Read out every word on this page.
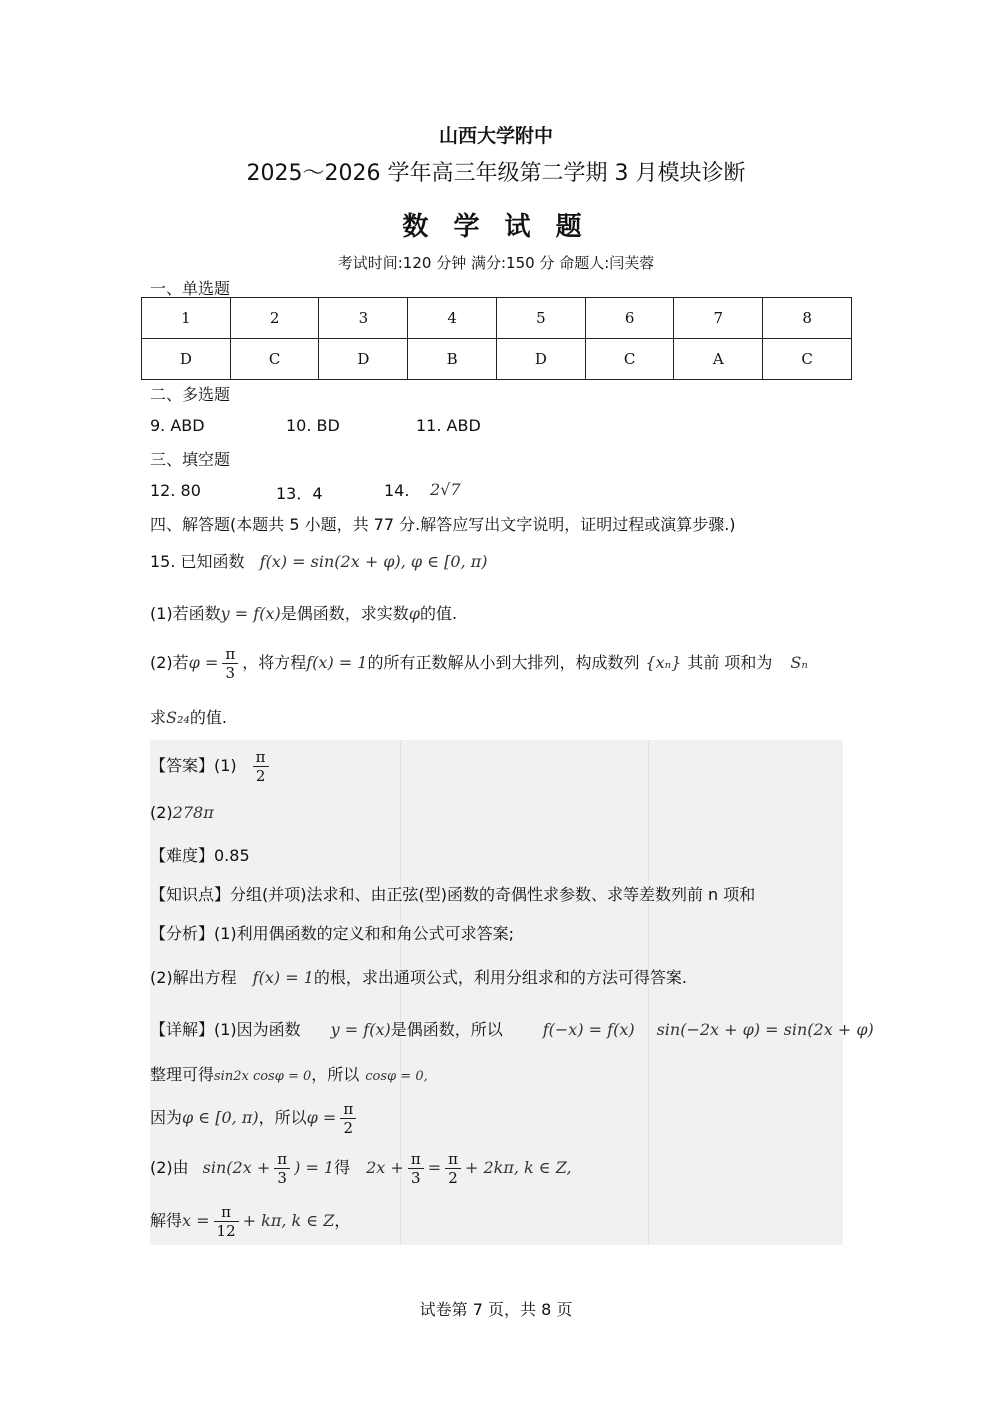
山西大学附中
2025～2026 学年高三年级第二学期 3 月模块诊断
数 学 试 题
考试时间:120 分钟 满分:150 分 命题人:闫芙蓉
一、单选题
1	2	3	4	5	6	7	8
D	C	D	B	D	C	A	C
二、多选题
9. ABD	10. BD	11. ABD
三、填空题
12. 80	13．4	14. 2√7
四、解答题(本题共 5 小题，共 77 分.解答应写出文字说明，证明过程或演算步骤.)
15. 已知函数 f(x) = sin(2x + φ), φ ∈ [0, π)
(1)若函数y = f(x)是偶函数，求实数φ的值.
(2)若$\varphi = \frac{\pi}{3}$ ，将方程f(x) = 1的所有正数解从小到大排列，构成数列 {xₙ} 其前 项和为 Sₙ
求S₂₄的值.
【答案】$(1) \frac{\pi}{2}$
(2)278π
【难度】0.85
【知识点】分组(并项)法求和、由正弦(型)函数的奇偶性求参数、求等差数列前 n 项和
【分析】(1)利用偶函数的定义和和角公式可求答案;
(2)解出方程 f(x) = 1的根，求出通项公式，利用分组求和的方法可得答案.
【详解】(1)因为函数 y = f(x)是偶函数，所以	f(−x) = f(x) sin(−2x + φ) = sin(2x + φ)
整理可得sin2x cosφ = 0，所以 cosφ = 0,
因为φ ∈ [0, π)，所以$\varphi = \frac{\pi}{2}$
(2)由 $\sin(2x + \frac{\pi}{3}$ ) = 1得 $2x + \frac{\pi}{3} = \frac{\pi}{2} + 2k\pi$, k ∈ Z,
解得$x = \frac{\pi}{12} + k\pi$, k ∈ Z，
试卷第 7 页，共 8 页
